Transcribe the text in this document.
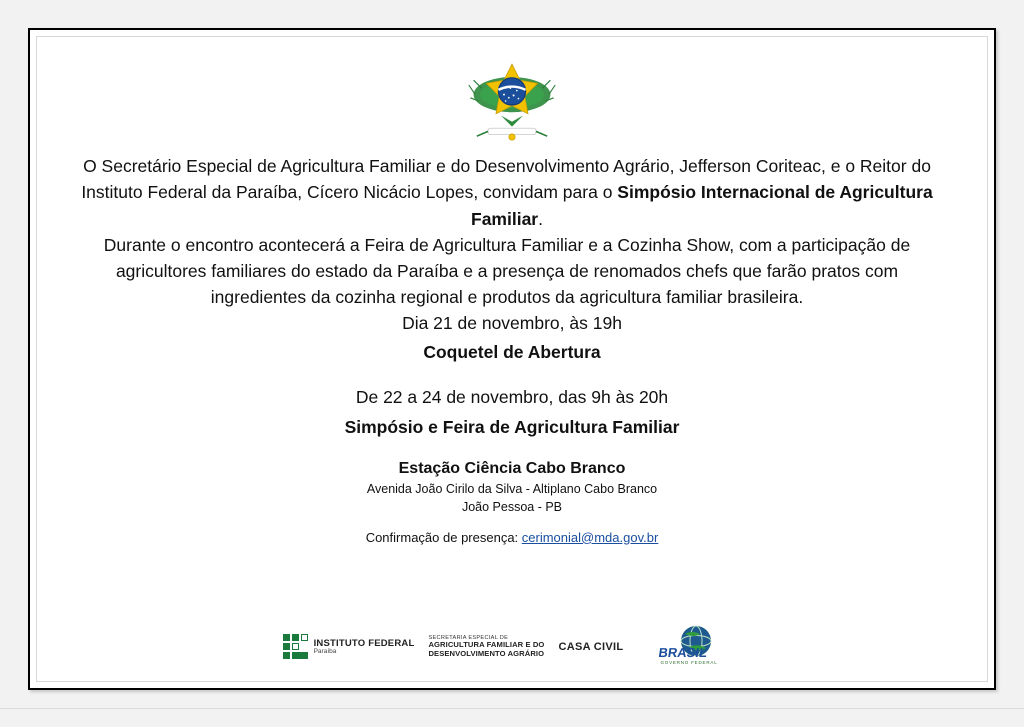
O Secretário Especial de Agricultura Familiar e do Desenvolvimento Agrário, Jefferson Coriteac, e o Reitor do Instituto Federal da Paraíba, Cícero Nicácio Lopes, convidam para o Simpósio Internacional de Agricultura Familiar.

Durante o encontro acontecerá a Feira de Agricultura Familiar e a Cozinha Show, com a participação de agricultores familiares do estado da Paraíba e a presença de renomados chefs que farão pratos com ingredientes da cozinha regional e produtos da agricultura familiar brasileira.

Dia 21 de novembro, às 19h
Coquetel de Abertura
De 22 a 24 de novembro, das 9h às 20h
Simpósio e Feira de Agricultura Familiar
Estação Ciência Cabo Branco
Avenida João Cirilo da Silva - Altiplano Cabo Branco
João Pessoa - PB
Confirmação de presença: cerimonial@mda.gov.br
INSTITUTO FEDERAL
Paraíba
SECRETARIA ESPECIAL DE
AGRICULTURA FAMILIAR E DO
DESENVOLVIMENTO AGRÁRIO
CASA CIVIL BRASIL
GOVERNO FEDERAL
